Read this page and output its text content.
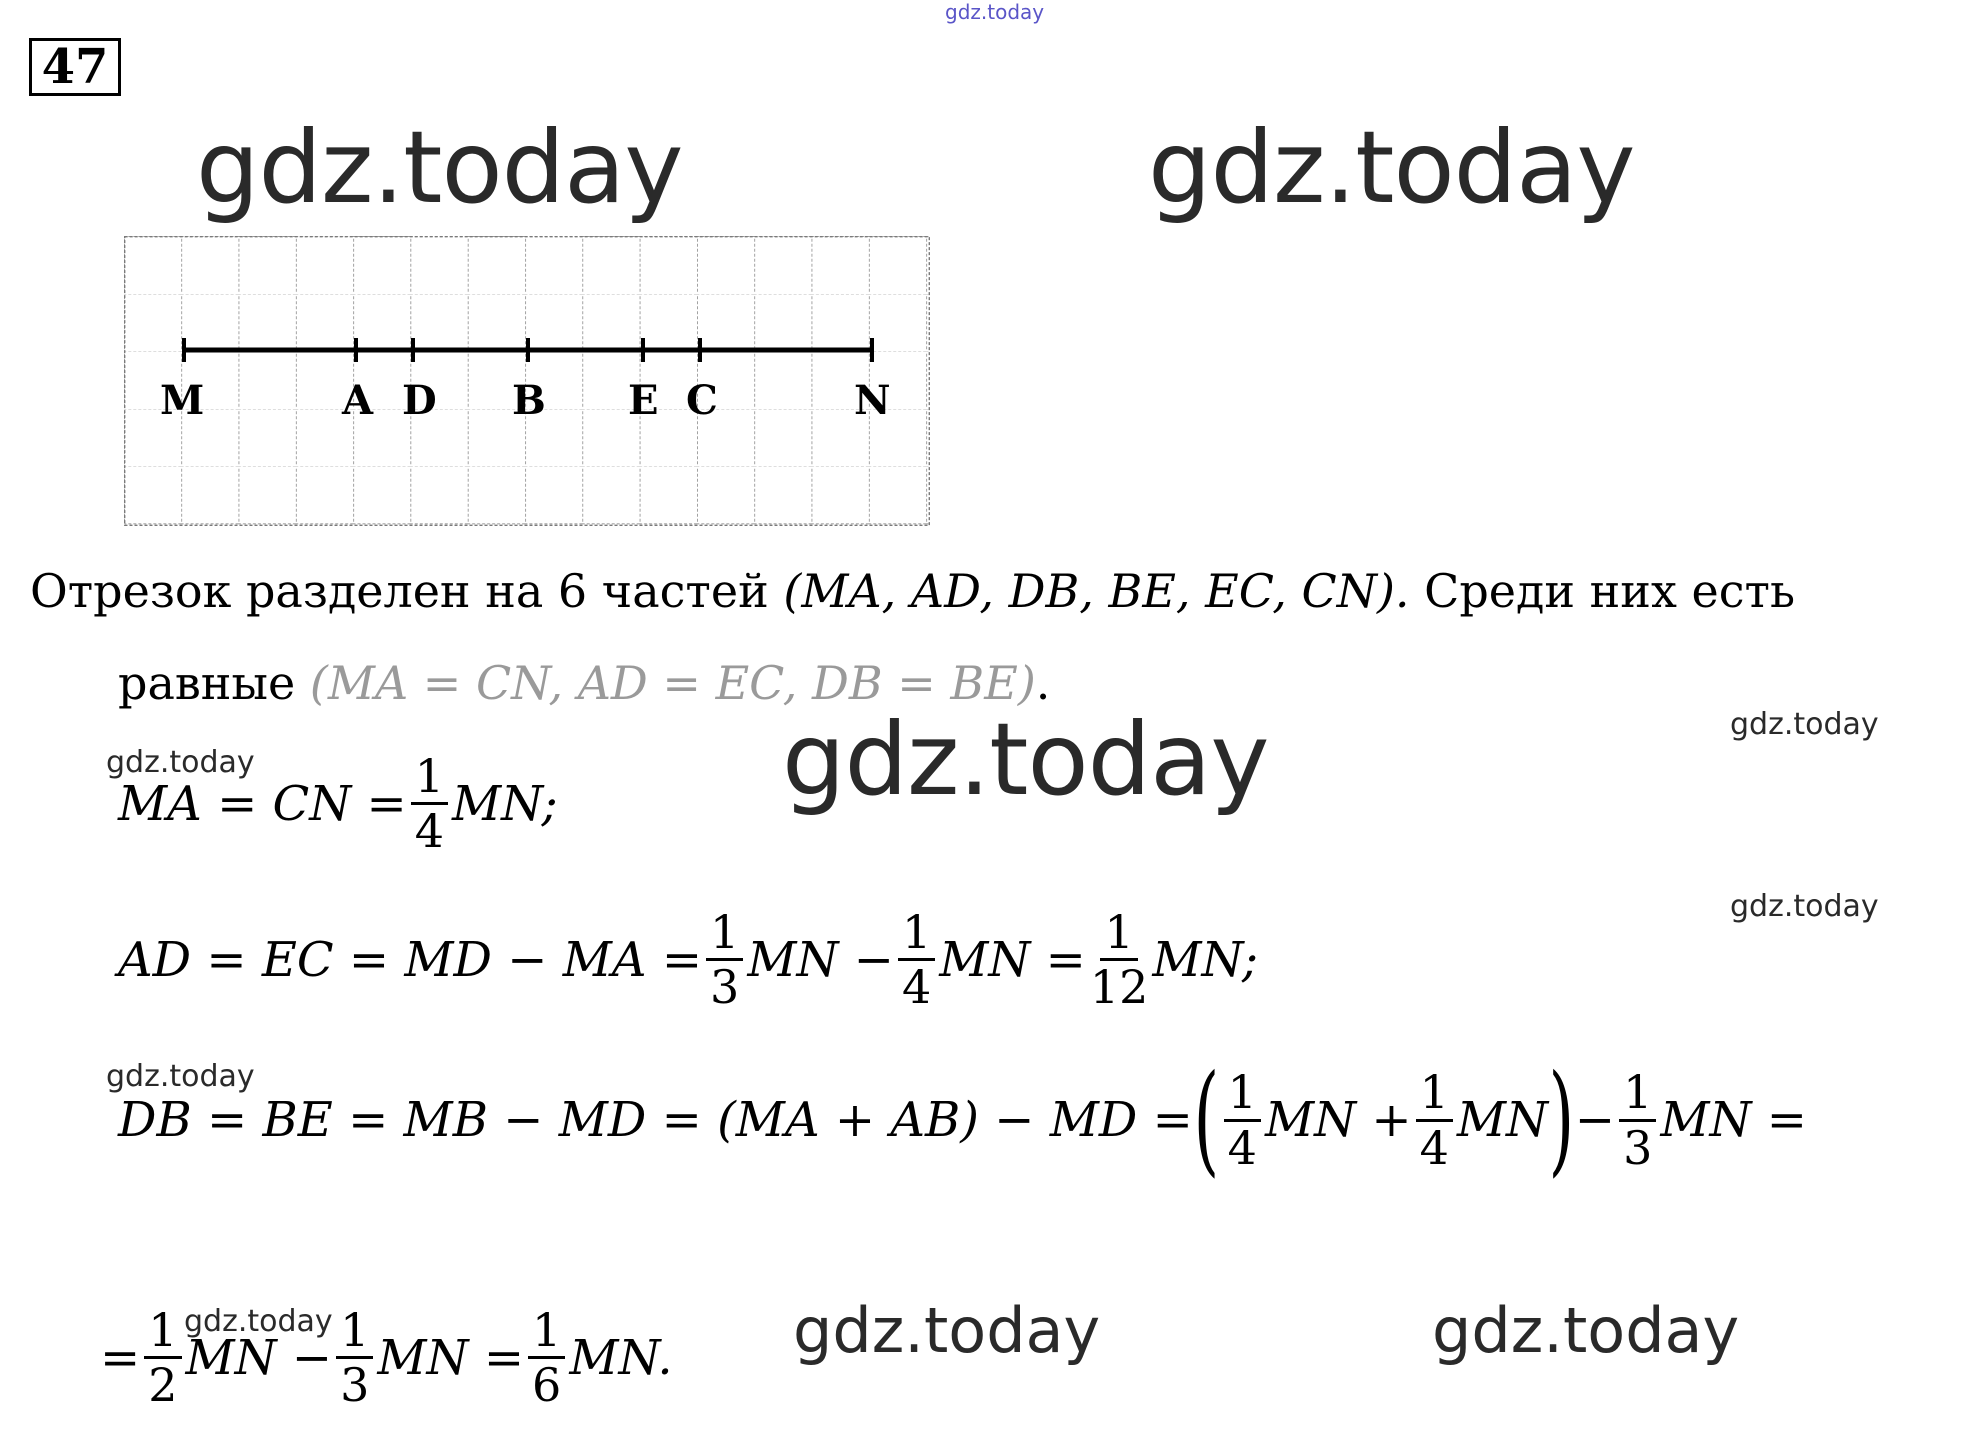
gdz.today
47
gdz.today	gdz.today
gdz.today
gdz.today	gdz.today
gdz.today
gdz.today
gdz.today
gdz.today
gdz.today
M	A D B E C	N
Отрезок разделен на 6 частей (MA, AD, DB, BE, EC, CN). Среди них есть
равные (MA = CN, AD = EC, DB = BE).
MA = CN = $\frac{1}{4}$ MN;
AD = EC = MD − MA = $\frac{1}{3}$ MN − $\frac{1}{4}$ MN = $\frac{1}{12}$ MN;
DB = BE = MB − MD = (MA + AB) − MD = ( $\frac{1}{4}$ MN + $\frac{1}{4}$ MN ) − $\frac{1}{3}$ MN =
= $\frac{1}{2}$ MN − $\frac{1}{3}$ MN = $\frac{1}{6}$ MN.
